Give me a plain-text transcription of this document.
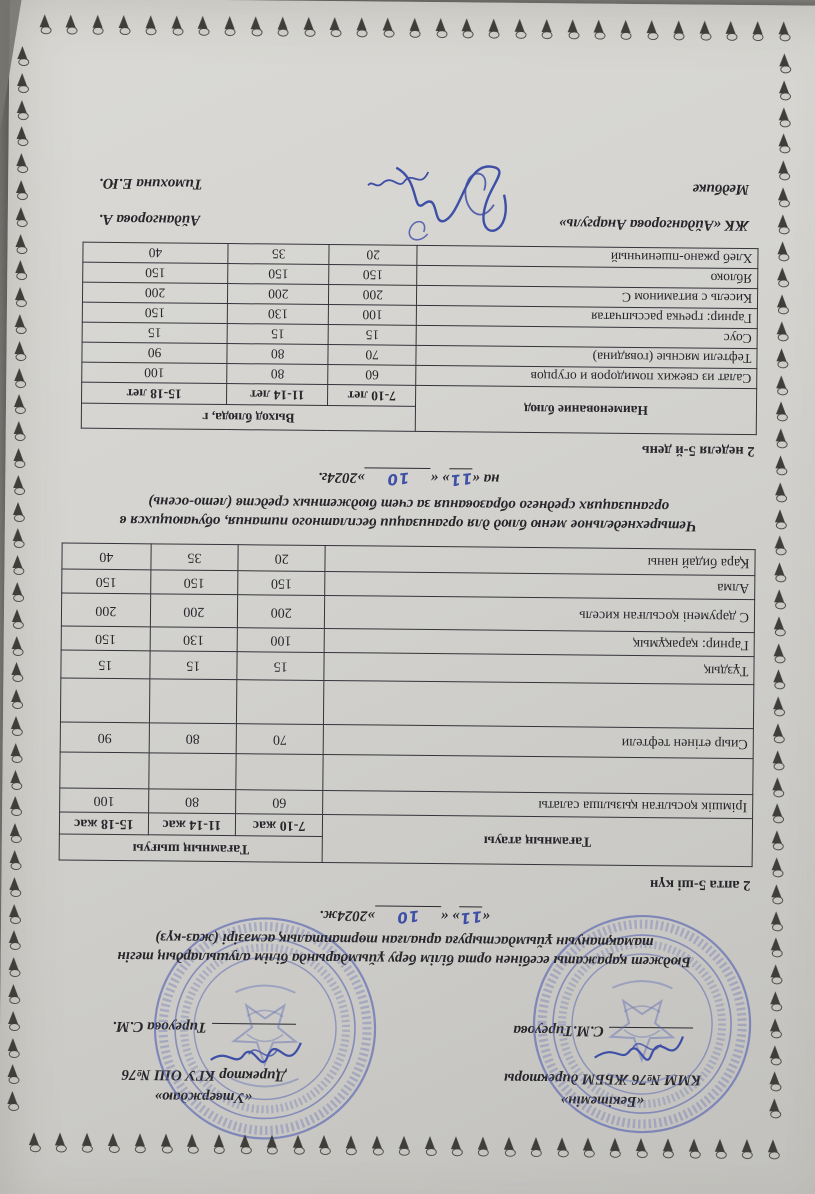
«Бекітемін»
КММ №76 ЖББМ директоры
С.М.Тиреуова
«Утверждаю»
Директор КГУ ОШ №76
Тиреуова С.М.
Бюджет қаражаты есебінен орта білім беру ұйымдарында білім алушылардың тегін
тамақтануын ұйымдастыруға арналған төртапталық асмәзірі (жаз-күз)
«11» «10»2024ж.
2 апта 5-ші күн
Тағамның атауы	Тағамның шығуы		
	7-10 жас	11-14 жас	15-18 жас
Ірімшік қосылған қызылша салаты	60	80	100

Сиыр етінен тефтели	70	80	90

Тұздық	15	15	15
Гарнир: қарақұмық	100	130	150
С дәрумені қосылған кисель	200	200	200
Алма	150	150	150
Қара бидай наны	20	35	40
Четырехнедельное меню блюд для организации бесплатного питания, обучающихся в
организациях среднего образования за счет бюджетных средств (лето-осень)
на «11» «10»2024г.
2 неделя 5-й день
Наименование блюд	Выход блюда, г		
	7-10 лет	11-14 лет	15-18 лет
Салат из свежих помидоров и огурцов	60	80	100
Тефтели мясные (говядина)	70	80	90
Соус	15	15	15
Гарнир: гречка рассыпчатая	100	130	150
Кисель с витамином С	200	200	200
Яблоко	150	150	150
Хлеб ржано-пшеничный	20	35	40
ЖК «Айдангорова Анаргуль»
Айдангорова А.
Медбике
Тимохина Е.Ю.
